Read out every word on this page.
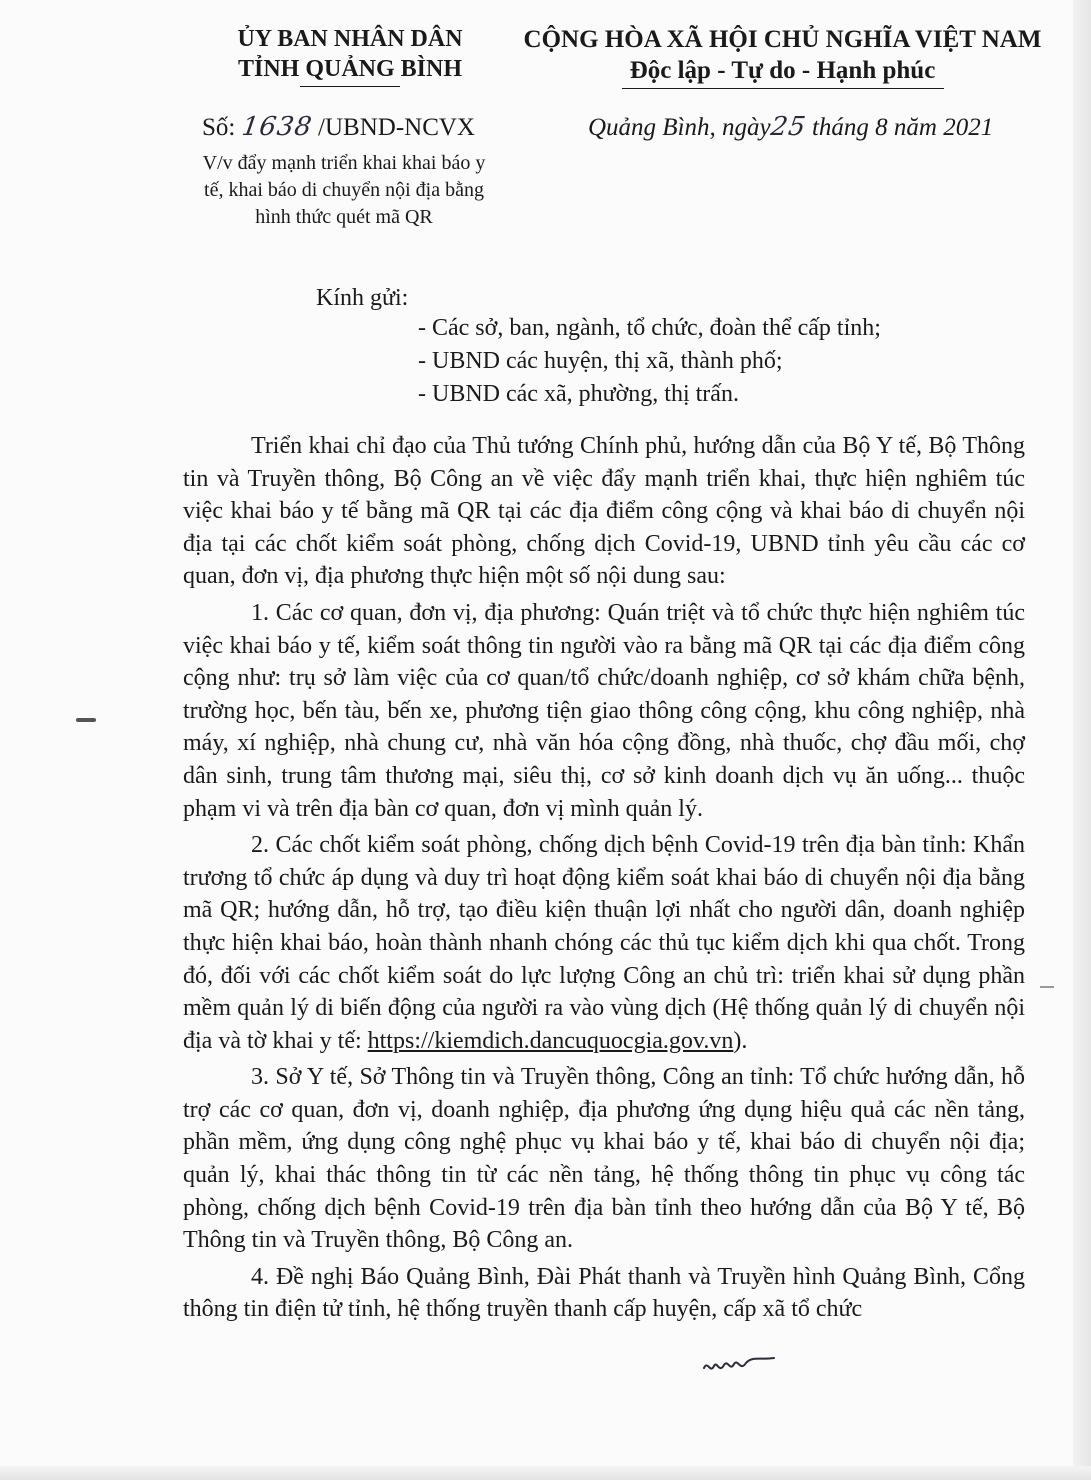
ỦY BAN NHÂN DÂN
TỈNH QUẢNG BÌNH
CỘNG HÒA XÃ HỘI CHỦ NGHĨA VIỆT NAM
Độc lập - Tự do - Hạnh phúc
Số: 1638 /UBND-NCVX	Quảng Bình, ngày25 tháng 8 năm 2021
V/v đẩy mạnh triển khai khai báo y
tế, khai báo di chuyển nội địa bằng
hình thức quét mã QR
Kính gửi:
- Các sở, ban, ngành, tổ chức, đoàn thể cấp tỉnh;
- UBND các huyện, thị xã, thành phố;
- UBND các xã, phường, thị trấn.

Triển khai chỉ đạo của Thủ tướng Chính phủ, hướng dẫn của Bộ Y tế, Bộ Thông tin và Truyền thông, Bộ Công an về việc đẩy mạnh triển khai, thực hiện nghiêm túc việc khai báo y tế bằng mã QR tại các địa điểm công cộng và khai báo di chuyển nội địa tại các chốt kiểm soát phòng, chống dịch Covid-19, UBND tỉnh yêu cầu các cơ quan, đơn vị, địa phương thực hiện một số nội dung sau:

1. Các cơ quan, đơn vị, địa phương: Quán triệt và tổ chức thực hiện nghiêm túc việc khai báo y tế, kiểm soát thông tin người vào ra bằng mã QR tại các địa điểm công cộng như: trụ sở làm việc của cơ quan/tổ chức/doanh nghiệp, cơ sở khám chữa bệnh, trường học, bến tàu, bến xe, phương tiện giao thông công cộng, khu công nghiệp, nhà máy, xí nghiệp, nhà chung cư, nhà văn hóa cộng đồng, nhà thuốc, chợ đầu mối, chợ dân sinh, trung tâm thương mại, siêu thị, cơ sở kinh doanh dịch vụ ăn uống... thuộc phạm vi và trên địa bàn cơ quan, đơn vị mình quản lý.

2. Các chốt kiểm soát phòng, chống dịch bệnh Covid-19 trên địa bàn tỉnh: Khẩn trương tổ chức áp dụng và duy trì hoạt động kiểm soát khai báo di chuyển nội địa bằng mã QR; hướng dẫn, hỗ trợ, tạo điều kiện thuận lợi nhất cho người dân, doanh nghiệp thực hiện khai báo, hoàn thành nhanh chóng các thủ tục kiểm dịch khi qua chốt. Trong đó, đối với các chốt kiểm soát do lực lượng Công an chủ trì: triển khai sử dụng phần mềm quản lý di biến động của người ra vào vùng dịch (Hệ thống quản lý di chuyển nội địa và tờ khai y tế: https://kiemdich.dancuquocgia.gov.vn).

3. Sở Y tế, Sở Thông tin và Truyền thông, Công an tỉnh: Tổ chức hướng dẫn, hỗ trợ các cơ quan, đơn vị, doanh nghiệp, địa phương ứng dụng hiệu quả các nền tảng, phần mềm, ứng dụng công nghệ phục vụ khai báo y tế, khai báo di chuyển nội địa; quản lý, khai thác thông tin từ các nền tảng, hệ thống thông tin phục vụ công tác phòng, chống dịch bệnh Covid-19 trên địa bàn tỉnh theo hướng dẫn của Bộ Y tế, Bộ Thông tin và Truyền thông, Bộ Công an.

4. Đề nghị Báo Quảng Bình, Đài Phát thanh và Truyền hình Quảng Bình, Cổng thông tin điện tử tỉnh, hệ thống truyền thanh cấp huyện, cấp xã tổ chức
